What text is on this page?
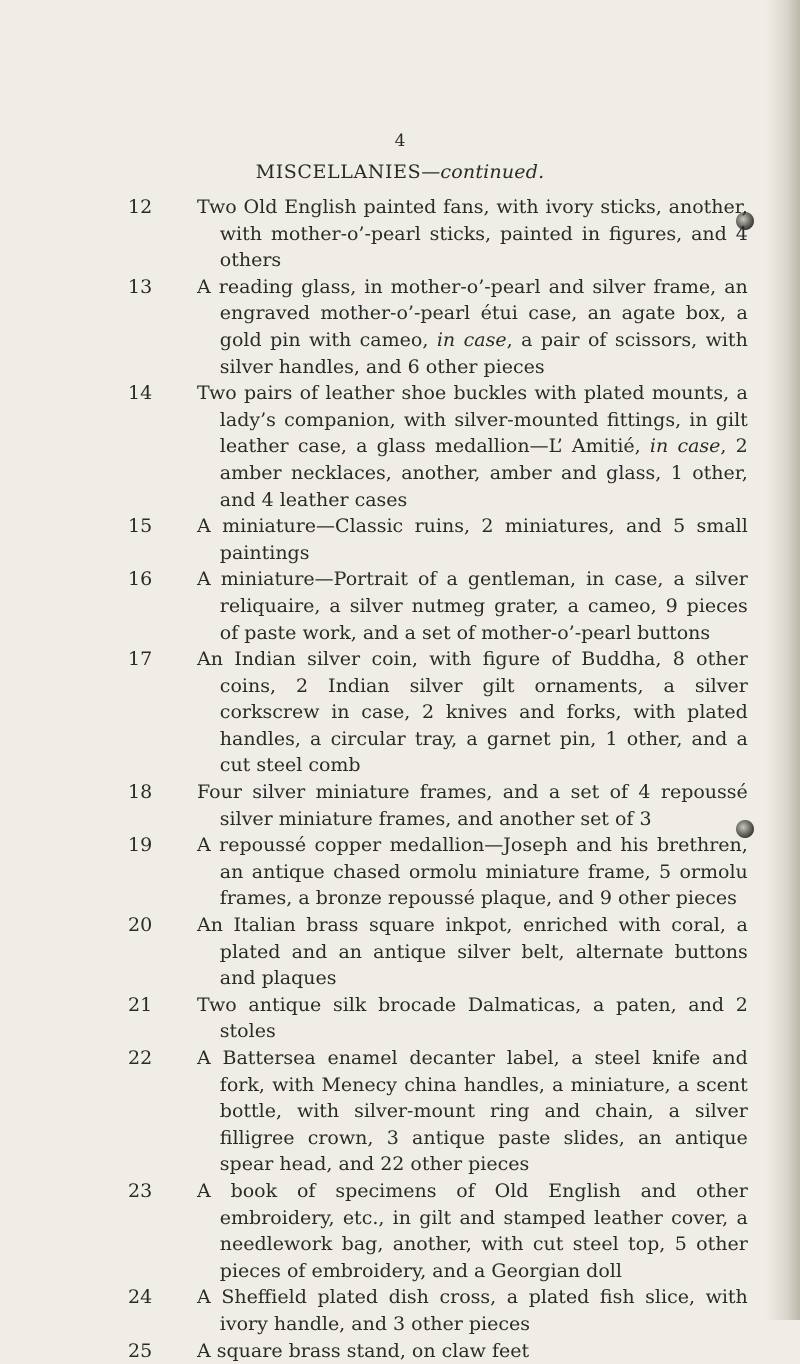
4
MISCELLANIES—continued.
12	Two Old English painted fans, with ivory sticks, another, with mother-o’-pearl sticks, painted in figures, and 4 others
13	A reading glass, in mother-o’-pearl and silver frame, an engraved mother-o’-pearl étui case, an agate box, a gold pin with cameo, in case, a pair of scissors, with silver handles, and 6 other pieces
14	Two pairs of leather shoe buckles with plated mounts, a lady’s companion, with silver-mounted fittings, in gilt leather case, a glass medallion—L’ Amitié, in case, 2 amber necklaces, another, amber and glass, 1 other, and 4 leather cases
15	A miniature—Classic ruins, 2 miniatures, and 5 small paintings
16	A miniature—Portrait of a gentleman, in case, a silver reliquaire, a silver nutmeg grater, a cameo, 9 pieces of paste work, and a set of mother-o’-pearl buttons
17	An Indian silver coin, with figure of Buddha, 8 other coins, 2 Indian silver gilt ornaments, a silver corkscrew in case, 2 knives and forks, with plated handles, a circular tray, a garnet pin, 1 other, and a cut steel comb
18	Four silver miniature frames, and a set of 4 repoussé silver miniature frames, and another set of 3
19	A repoussé copper medallion—Joseph and his brethren, an antique chased ormolu miniature frame, 5 ormolu frames, a bronze repoussé plaque, and 9 other pieces
20	An Italian brass square inkpot, enriched with coral, a plated and an antique silver belt, alternate buttons and plaques
21	Two antique silk brocade Dalmaticas, a paten, and 2 stoles
22	A Battersea enamel decanter label, a steel knife and fork, with Menecy china handles, a miniature, a scent bottle, with silver-mount ring and chain, a silver filligree crown, 3 antique paste slides, an antique spear head, and 22 other pieces
23	A book of specimens of Old English and other embroidery, etc., in gilt and stamped leather cover, a needlework bag, another, with cut steel top, 5 other pieces of embroidery, and a Georgian doll
24	A Sheffield plated dish cross, a plated fish slice, with ivory handle, and 3 other pieces
25	A square brass stand, on claw feet
